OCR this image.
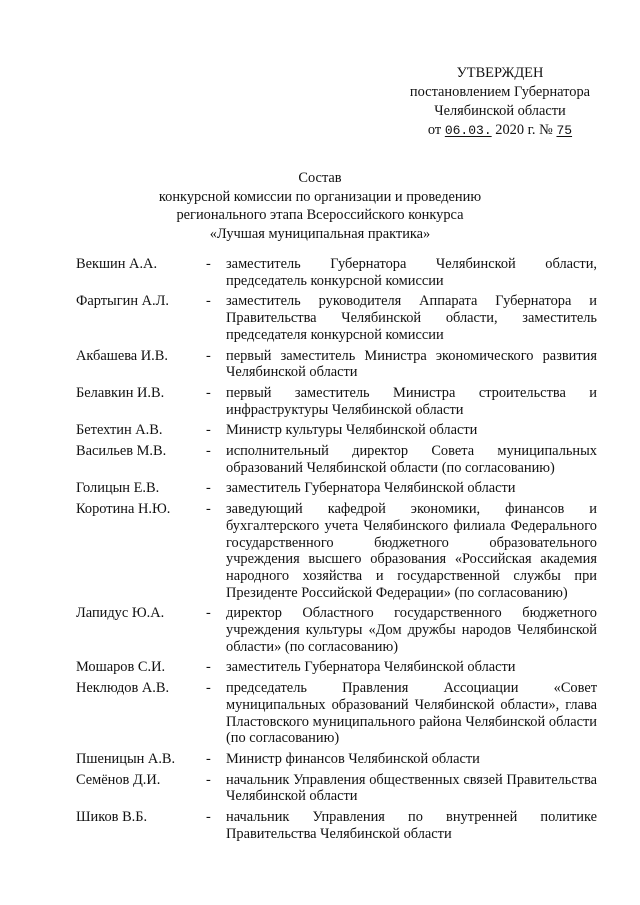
УТВЕРЖДЕН
постановлением Губернатора
Челябинской области
от 06.03. 2020 г. № 75
Состав
конкурсной комиссии по организации и проведению
регионального этапа Всероссийского конкурса
«Лучшая муниципальная практика»
Векшин А.А.	-	заместитель Губернатора Челябинской области, председатель конкурсной комиссии
Фартыгин А.Л.	-	заместитель руководителя Аппарата Губернатора и Правительства Челябинской области, заместитель председателя конкурсной комиссии
Акбашева И.В.	-	первый заместитель Министра экономического развития Челябинской области
Белавкин И.В.	-	первый заместитель Министра строительства и инфраструктуры Челябинской области
Бетехтин А.В.	-	Министр культуры Челябинской области
Васильев М.В.	-	исполнительный директор Совета муниципальных образований Челябинской области (по согласованию)
Голицын Е.В.	-	заместитель Губернатора Челябинской области
Коротина Н.Ю.	-	заведующий кафедрой экономики, финансов и бухгалтерского учета Челябинского филиала Федерального государственного бюджетного образовательного учреждения высшего образования «Российская академия народного хозяйства и государственной службы при Президенте Российской Федерации» (по согласованию)
Лапидус Ю.А.	-	директор Областного государственного бюджетного учреждения культуры «Дом дружбы народов Челябинской области» (по согласованию)
Мошаров С.И.	-	заместитель Губернатора Челябинской области
Неклюдов А.В.	-	председатель Правления Ассоциации «Совет муниципальных образований Челябинской области», глава Пластовского муниципального района Челябинской области (по согласованию)
Пшеницын А.В.	-	Министр финансов Челябинской области
Семёнов Д.И.	-	начальник Управления общественных связей Правительства Челябинской области
Шиков В.Б.	-	начальник Управления по внутренней политике Правительства Челябинской области
